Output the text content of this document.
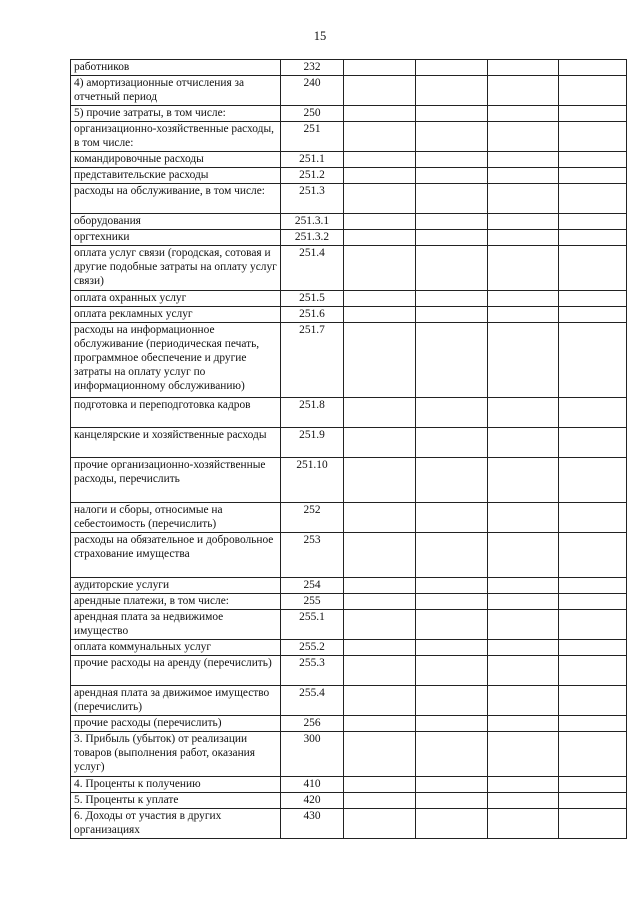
15
работников	232				
4) амортизационные отчисления за отчетный период	240				
5) прочие затраты, в том числе:	250				
организационно-хозяйственные расходы, в том числе:	251				
командировочные расходы	251.1				
представительские расходы	251.2				
расходы на обслуживание, в том числе:	251.3				
оборудования	251.3.1				
оргтехники	251.3.2				
оплата услуг связи (городская, сотовая и другие подобные затраты на оплату услуг связи)	251.4				
оплата охранных услуг	251.5				
оплата рекламных услуг	251.6				
расходы на информационное обслуживание (периодическая печать, программное обеспечение и другие затраты на оплату услуг по информационному обслуживанию)	251.7				
подготовка и переподготовка кадров	251.8				
канцелярские и хозяйственные расходы	251.9				
прочие организационно-хозяйственные расходы, перечислить	251.10				
налоги и сборы, относимые на себестоимость (перечислить)	252				
расходы на обязательное и добровольное страхование имущества	253				
аудиторские услуги	254				
арендные платежи, в том числе:	255				
арендная плата за недвижимое имущество	255.1				
оплата коммунальных услуг	255.2				
прочие расходы на аренду (перечислить)	255.3				
арендная плата за движимое имущество (перечислить)	255.4				
прочие расходы (перечислить)	256				
3. Прибыль (убыток) от реализации товаров (выполнения работ, оказания услуг)	300				
4. Проценты к получению	410				
5. Проценты к уплате	420				
6. Доходы от участия в других организациях	430				
